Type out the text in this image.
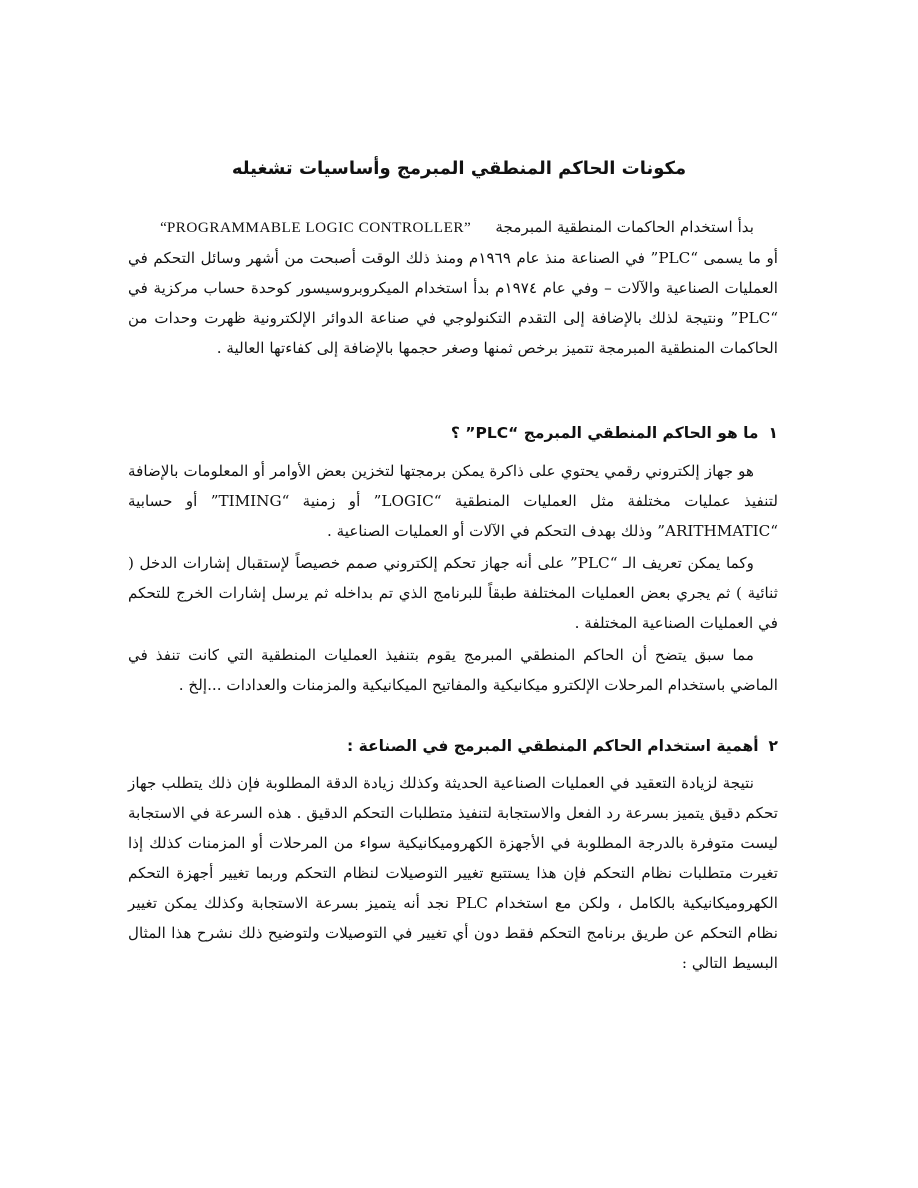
مكونات الحاكم المنطقي المبرمج وأساسيات تشغيله

بدأ استخدام الحاكمات المنطقية المبرمجة     “PROGRAMMABLE LOGIC CONTROLLER”
أو ما يسمى “PLC” في الصناعة منذ عام ١٩٦٩م ومنذ ذلك الوقت أصبحت من أشهر وسائل التحكم في العمليات الصناعية والآلات – وفي عام ١٩٧٤م بدأ استخدام الميكروبروسيسور كوحدة حساب مركزية في “PLC” ونتيجة لذلك بالإضافة إلى التقدم التكنولوجي في صناعة الدوائر الإلكترونية ظهرت وحدات من الحاكمات المنطقية المبرمجة تتميز برخص ثمنها وصغر حجمها بالإضافة إلى كفاءتها العالية .

١ما هو الحاكم المنطقي المبرمج “PLC” ؟

هو جهاز إلكتروني رقمي يحتوي على ذاكرة يمكن برمجتها لتخزين بعض الأوامر أو المعلومات بالإضافة لتنفيذ عمليات مختلفة مثل العمليات المنطقية “LOGIC” أو زمنية “TIMING” أو حسابية “ARITHMATIC” وذلك بهدف التحكم في الآلات أو العمليات الصناعية .

وكما يمكن تعريف الـ “PLC” على أنه جهاز تحكم إلكتروني صمم خصيصاً لإستقبال إشارات الدخل ( ثنائية ) ثم يجري بعض العمليات المختلفة طبقاً للبرنامج الذي تم بداخله ثم يرسل إشارات الخرج للتحكم في العمليات الصناعية المختلفة .

مما سبق يتضح أن الحاكم المنطقي المبرمج يقوم بتنفيذ العمليات المنطقية التي كانت تنفذ في الماضي باستخدام المرحلات الإلكترو ميكانيكية والمفاتيح الميكانيكية والمزمنات والعدادات ...إلخ .

٢أهمية استخدام الحاكم المنطقي المبرمج في الصناعة :

نتيجة لزيادة التعقيد في العمليات الصناعية الحديثة وكذلك زيادة الدقة المطلوبة فإن ذلك يتطلب جهاز تحكم دقيق يتميز بسرعة رد الفعل والاستجابة لتنفيذ متطلبات التحكم الدقيق . هذه السرعة في الاستجابة ليست متوفرة بالدرجة المطلوبة في الأجهزة الكهروميكانيكية سواء من المرحلات أو المزمنات كذلك إذا تغيرت متطلبات نظام التحكم فإن هذا يستتبع تغيير التوصيلات لنظام التحكم وربما تغيير أجهزة التحكم الكهروميكانيكية بالكامل ، ولكن مع استخدام PLC نجد أنه يتميز بسرعة الاستجابة وكذلك يمكن تغيير نظام التحكم عن طريق برنامج التحكم فقط دون أي تغيير في التوصيلات ولتوضيح ذلك نشرح هذا المثال البسيط التالي :
